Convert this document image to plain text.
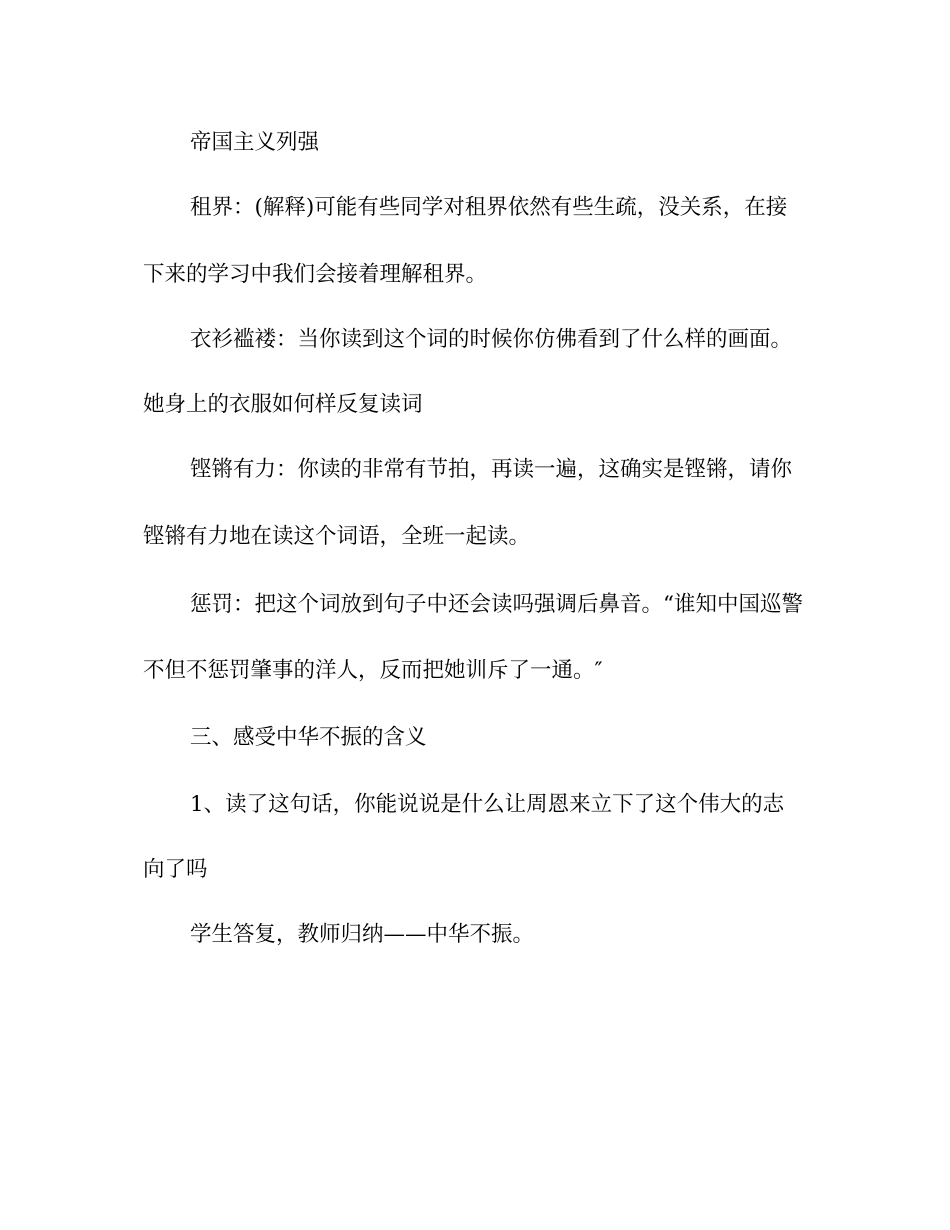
帝国主义列强
租界：(解释)可能有些同学对租界依然有些生疏，没关系，在接
下来的学习中我们会接着理解租界。
衣衫褴褛：当你读到这个词的时候你仿佛看到了什么样的画面。
她身上的衣服如何样反复读词
铿锵有力：你读的非常有节拍，再读一遍，这确实是铿锵，请你
铿锵有力地在读这个词语，全班一起读。
惩罚：把这个词放到句子中还会读吗强调后鼻音。“谁知中国巡警
不但不惩罚肇事的洋人，反而把她训斥了一通。″
三、感受中华不振的含义
1、读了这句话，你能说说是什么让周恩来立下了这个伟大的志
向了吗
学生答复，教师归纳——中华不振。
